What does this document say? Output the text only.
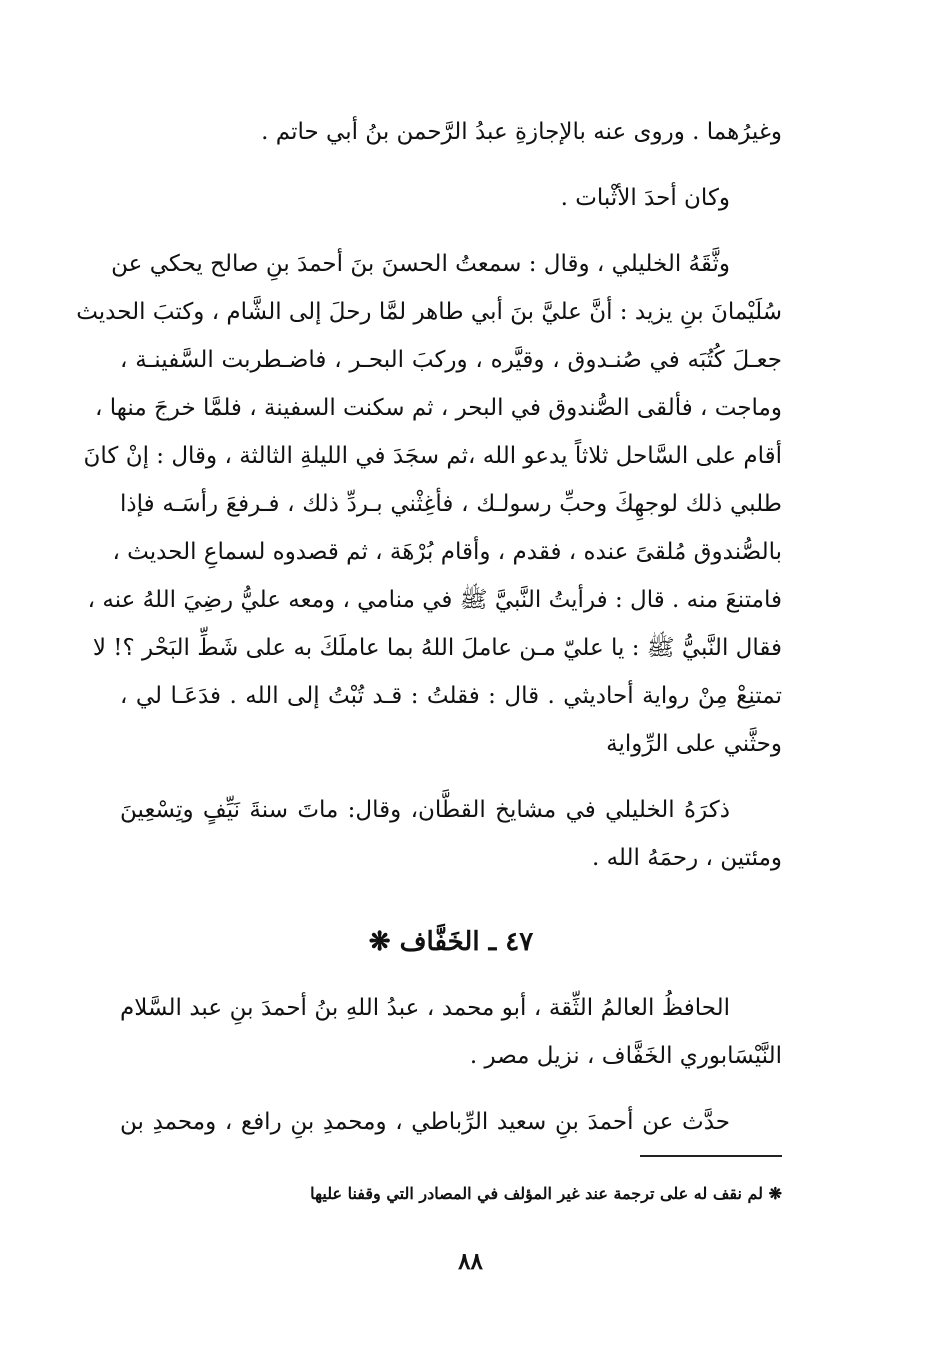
وغيرُهما . وروى عنه بالإجازةِ عبدُ الرَّحمن بنُ أبي حاتم .
وكان أحدَ الأثْبات .
وثَّقَهُ الخليلي ، وقال : سمعتُ الحسنَ بنَ أحمدَ بنِ صالح يحكي عن
سُلَيْمانَ بنِ يزيد : أنَّ عليَّ بنَ أبي طاهر لمَّا رحلَ إلى الشَّام ، وكتبَ الحديث
جعـلَ كُتُبَه في صُنـدوق ، وقيَّره ، وركبَ البحـر ، فاضـطربت السَّفينـة ،
وماجت ، فألقى الصُّندوق في البحر ، ثم سكنت السفينة ، فلمَّا خرجَ منها ،
أقام على السَّاحل ثلاثاً يدعو الله ،ثم سجَدَ في الليلةِ الثالثة ، وقال : إنْ كانَ
طلبي ذلك لوجهِكَ وحبِّ رسولـك ، فأغِثْني بـردِّ ذلك ، فـرفعَ رأسَـه فإذا
بالصُّندوق مُلقىً عنده ، فقدم ، وأقام بُرْهَة ، ثم قصدوه لسماعِ الحديث ،
فامتنعَ منه . قال : فرأيتُ النَّبيَّ ﷺ في منامي ، ومعه عليُّ رضِيَ اللهُ عنه ،
فقال النَّبيُّ ﷺ : يا عليّ مـن عاملَ اللهُ بما عاملَكَ به على شَطِّ البَحْر ؟! لا
تمتنِعْ مِنْ رواية أحاديثي . قال : فقلتُ : قـد تُبْتُ إلى الله . فدَعَـا لي ،
وحثَّني على الرِّواية
ذكرَهُ الخليلي في مشايخ القطَّان، وقال: ماتَ سنةَ نَيِّفٍ وتِسْعِينَ
ومئتين ، رحمَهُ الله .
٤٧ ـ الخَفَّاف ❋
الحافظُ العالمُ الثِّقة ، أبو محمد ، عبدُ اللهِ بنُ أحمدَ بنِ عبد السَّلام
النَّيْسَابوري الخَفَّاف ، نزيل مصر .
حدَّث عن أحمدَ بنِ سعيد الرِّباطي ، ومحمدِ بنِ رافع ، ومحمدِ بن
❋ لم نقف له على ترجمة عند غير المؤلف في المصادر التي وقفنا عليها
٨٨
